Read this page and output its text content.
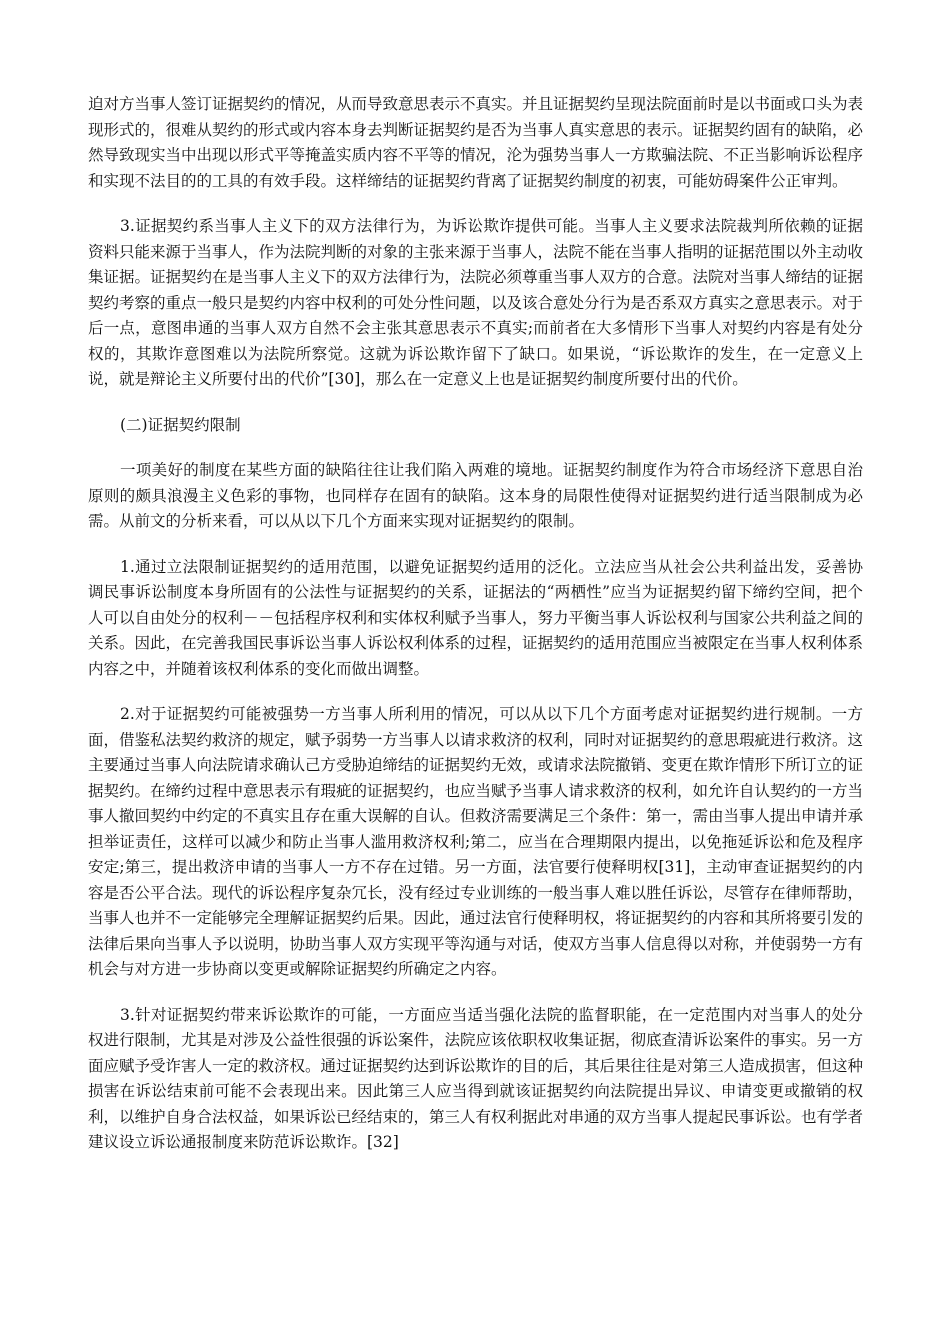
迫对方当事人签订证据契约的情况，从而导致意思表示不真实。并且证据契约呈现法院面前时是以书面或口头为表现形式的，很难从契约的形式或内容本身去判断证据契约是否为当事人真实意思的表示。证据契约固有的缺陷，必然导致现实当中出现以形式平等掩盖实质内容不平等的情况，沦为强势当事人一方欺骗法院、不正当影响诉讼程序和实现不法目的的工具的有效手段。这样缔结的证据契约背离了证据契约制度的初衷，可能妨碍案件公正审判。

3.证据契约系当事人主义下的双方法律行为，为诉讼欺诈提供可能。当事人主义要求法院裁判所依赖的证据资料只能来源于当事人，作为法院判断的对象的主张来源于当事人，法院不能在当事人指明的证据范围以外主动收集证据。证据契约在是当事人主义下的双方法律行为，法院必须尊重当事人双方的合意。法院对当事人缔结的证据契约考察的重点一般只是契约内容中权利的可处分性问题，以及该合意处分行为是否系双方真实之意思表示。对于后一点，意图串通的当事人双方自然不会主张其意思表示不真实;而前者在大多情形下当事人对契约内容是有处分权的，其欺诈意图难以为法院所察觉。这就为诉讼欺诈留下了缺口。如果说，“诉讼欺诈的发生，在一定意义上说，就是辩论主义所要付出的代价”[30]，那么在一定意义上也是证据契约制度所要付出的代价。

(二)证据契约限制

一项美好的制度在某些方面的缺陷往往让我们陷入两难的境地。证据契约制度作为符合市场经济下意思自治原则的颇具浪漫主义色彩的事物，也同样存在固有的缺陷。这本身的局限性使得对证据契约进行适当限制成为必需。从前文的分析来看，可以从以下几个方面来实现对证据契约的限制。

1.通过立法限制证据契约的适用范围，以避免证据契约适用的泛化。立法应当从社会公共利益出发，妥善协调民事诉讼制度本身所固有的公法性与证据契约的关系，证据法的“两栖性”应当为证据契约留下缔约空间，把个人可以自由处分的权利－－包括程序权利和实体权利赋予当事人，努力平衡当事人诉讼权利与国家公共利益之间的关系。因此，在完善我国民事诉讼当事人诉讼权利体系的过程，证据契约的适用范围应当被限定在当事人权利体系内容之中，并随着该权利体系的变化而做出调整。

2.对于证据契约可能被强势一方当事人所利用的情况，可以从以下几个方面考虑对证据契约进行规制。一方面，借鉴私法契约救济的规定，赋予弱势一方当事人以请求救济的权利，同时对证据契约的意思瑕疵进行救济。这主要通过当事人向法院请求确认己方受胁迫缔结的证据契约无效，或请求法院撤销、变更在欺诈情形下所订立的证据契约。在缔约过程中意思表示有瑕疵的证据契约，也应当赋予当事人请求救济的权利，如允许自认契约的一方当事人撤回契约中约定的不真实且存在重大误解的自认。但救济需要满足三个条件：第一，需由当事人提出申请并承担举证责任，这样可以减少和防止当事人滥用救济权利;第二，应当在合理期限内提出，以免拖延诉讼和危及程序安定;第三，提出救济申请的当事人一方不存在过错。另一方面，法官要行使释明权[31]，主动审查证据契约的内容是否公平合法。现代的诉讼程序复杂冗长，没有经过专业训练的一般当事人难以胜任诉讼，尽管存在律师帮助，当事人也并不一定能够完全理解证据契约后果。因此，通过法官行使释明权，将证据契约的内容和其所将要引发的法律后果向当事人予以说明，协助当事人双方实现平等沟通与对话，使双方当事人信息得以对称，并使弱势一方有机会与对方进一步协商以变更或解除证据契约所确定之内容。

3.针对证据契约带来诉讼欺诈的可能，一方面应当适当强化法院的监督职能，在一定范围内对当事人的处分权进行限制，尤其是对涉及公益性很强的诉讼案件，法院应该依职权收集证据，彻底查清诉讼案件的事实。另一方面应赋予受诈害人一定的救济权。通过证据契约达到诉讼欺诈的目的后，其后果往往是对第三人造成损害，但这种损害在诉讼结束前可能不会表现出来。因此第三人应当得到就该证据契约向法院提出异议、申请变更或撤销的权利，以维护自身合法权益，如果诉讼已经结束的，第三人有权利据此对串通的双方当事人提起民事诉讼。也有学者建议设立诉讼通报制度来防范诉讼欺诈。[32]
